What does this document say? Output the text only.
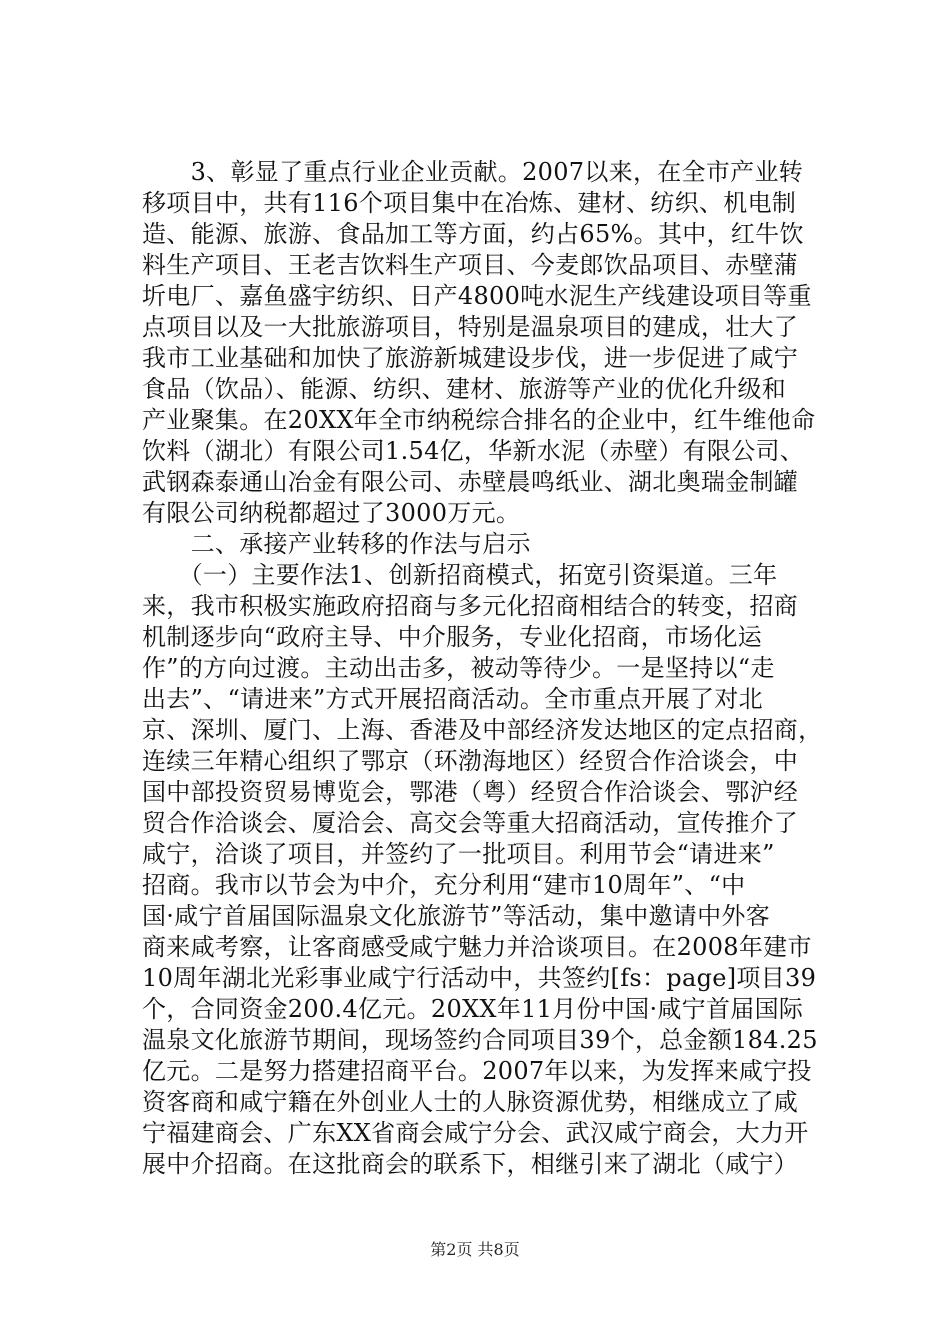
　　3、彰显了重点行业企业贡献。2007以来，在全市产业转
移项目中，共有116个项目集中在冶炼、建材、纺织、机电制
造、能源、旅游、食品加工等方面，约占65%。其中，红牛饮
料生产项目、王老吉饮料生产项目、今麦郎饮品项目、赤壁蒲
圻电厂、嘉鱼盛宇纺织、日产4800吨水泥生产线建设项目等重
点项目以及一大批旅游项目，特别是温泉项目的建成，壮大了
我市工业基础和加快了旅游新城建设步伐，进一步促进了咸宁
食品（饮品）、能源、纺织、建材、旅游等产业的优化升级和
产业聚集。在20XX年全市纳税综合排名的企业中，红牛维他命
饮料（湖北）有限公司1.54亿，华新水泥（赤壁）有限公司、
武钢森泰通山冶金有限公司、赤壁晨鸣纸业、湖北奥瑞金制罐
有限公司纳税都超过了3000万元。
　　二、承接产业转移的作法与启示
　　（一）主要作法1、创新招商模式，拓宽引资渠道。三年
来，我市积极实施政府招商与多元化招商相结合的转变，招商
机制逐步向“政府主导、中介服务，专业化招商，市场化运
作”的方向过渡。主动出击多，被动等待少。一是坚持以“走
出去”、“请进来”方式开展招商活动。全市重点开展了对北
京、深圳、厦门、上海、香港及中部经济发达地区的定点招商，
连续三年精心组织了鄂京（环渤海地区）经贸合作洽谈会，中
国中部投资贸易博览会，鄂港（粤）经贸合作洽谈会、鄂沪经
贸合作洽谈会、厦洽会、高交会等重大招商活动，宣传推介了
咸宁，洽谈了项目，并签约了一批项目。利用节会“请进来”
招商。我市以节会为中介，充分利用“建市10周年”、“中
国·咸宁首届国际温泉文化旅游节”等活动，集中邀请中外客
商来咸考察，让客商感受咸宁魅力并洽谈项目。在2008年建市
10周年湖北光彩事业咸宁行活动中，共签约[fs：page]项目39
个，合同资金200.4亿元。20XX年11月份中国·咸宁首届国际
温泉文化旅游节期间，现场签约合同项目39个，总金额184.25
亿元。二是努力搭建招商平台。2007年以来，为发挥来咸宁投
资客商和咸宁籍在外创业人士的人脉资源优势，相继成立了咸
宁福建商会、广东XX省商会咸宁分会、武汉咸宁商会，大力开
展中介招商。在这批商会的联系下，相继引来了湖北（咸宁）
第2页 共8页
